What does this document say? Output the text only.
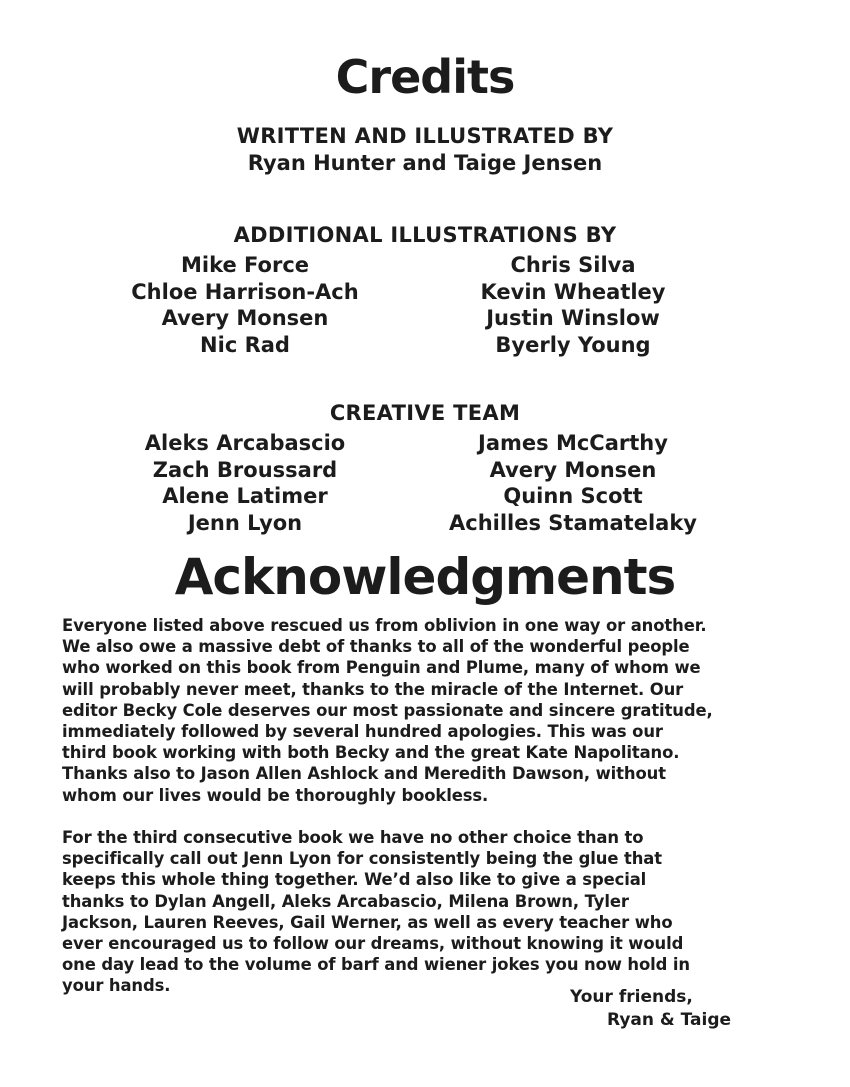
Credits
WRITTEN AND ILLUSTRATED BY
Ryan Hunter and Taige Jensen
ADDITIONAL ILLUSTRATIONS BY
Mike Force
Chloe Harrison-Ach
Avery Monsen
Nic Rad
Chris Silva
Kevin Wheatley
Justin Winslow
Byerly Young
CREATIVE TEAM
Aleks Arcabascio
Zach Broussard
Alene Latimer
Jenn Lyon
James McCarthy
Avery Monsen
Quinn Scott
Achilles Stamatelaky
Acknowledgments
Everyone listed above rescued us from oblivion in one way or another.
We also owe a massive debt of thanks to all of the wonderful people
who worked on this book from Penguin and Plume, many of whom we
will probably never meet, thanks to the miracle of the Internet. Our
editor Becky Cole deserves our most passionate and sincere gratitude,
immediately followed by several hundred apologies. This was our
third book working with both Becky and the great Kate Napolitano.
Thanks also to Jason Allen Ashlock and Meredith Dawson, without
whom our lives would be thoroughly bookless.
For the third consecutive book we have no other choice than to
specifically call out Jenn Lyon for consistently being the glue that
keeps this whole thing together. We’d also like to give a special
thanks to Dylan Angell, Aleks Arcabascio, Milena Brown, Tyler
Jackson, Lauren Reeves, Gail Werner, as well as every teacher who
ever encouraged us to follow our dreams, without knowing it would
one day lead to the volume of barf and wiener jokes you now hold in
your hands.
Your friends,
Ryan & Taige
